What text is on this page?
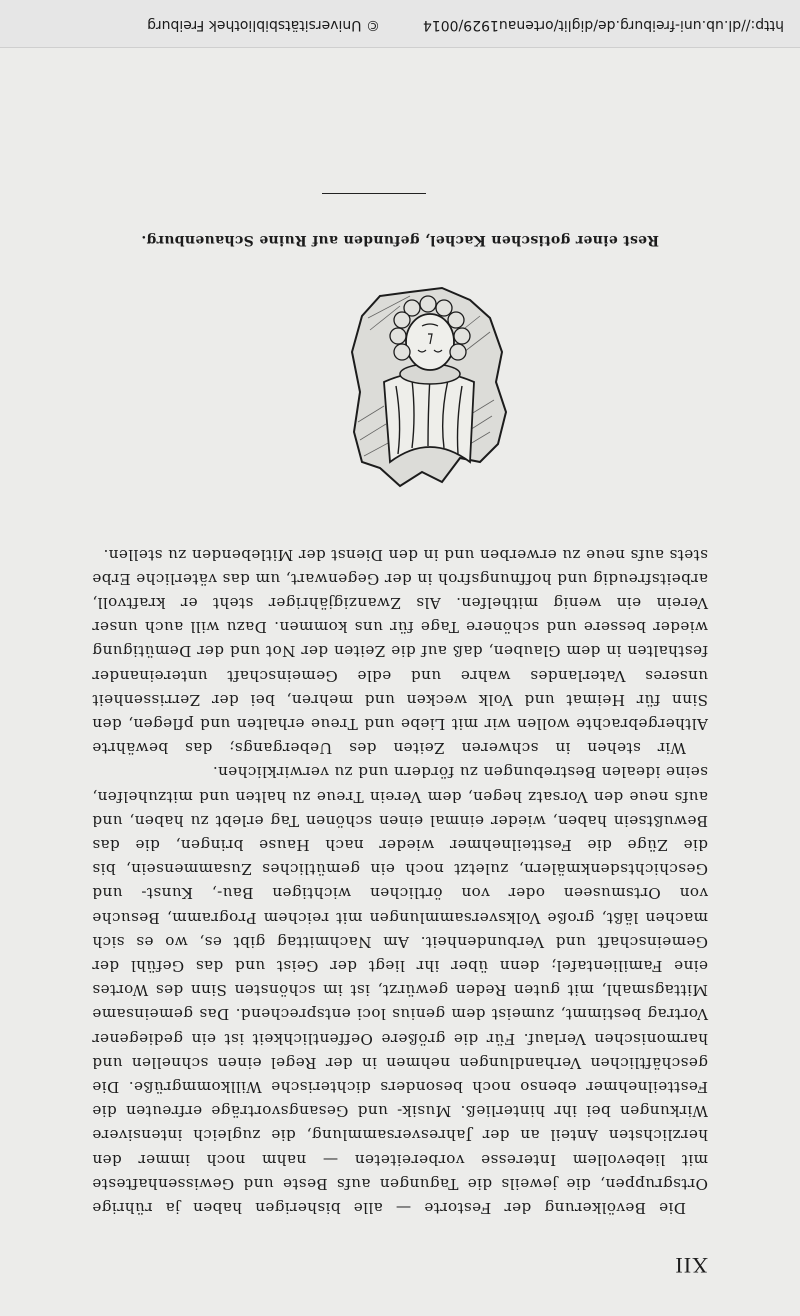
XII

Die Bevölkerung der Festorte — alle bisherigen haben ja rührige Ortsgruppen, die jeweils die Tagungen aufs Beste und Gewissenhafteste mit liebevollem Interesse vorbereiteten — nahm noch immer den herzlichsten Anteil an der Jahresversammlung, die zugleich intensivere Wirkungen bei ihr hinterließ. Musik- und Gesangsvorträge erfreuten die Festteilnehmer ebenso noch besonders dichterische Willkommgrüße. Die geschäftlichen Verhandlungen nehmen in der Regel einen schnellen und harmonischen Verlauf. Für die größere Oeffentlichkeit ist ein gediegener Vortrag bestimmt, zumeist dem genius loci entsprechend. Das gemeinsame Mittagsmahl, mit guten Reden gewürzt, ist im schönsten Sinn des Wortes eine Familientafel; denn über ihr liegt der Geist und das Gefühl der Gemeinschaft und Verbundenheit. Am Nachmittag gibt es, wo es sich machen läßt, große Volksversammlungen mit reichem Programm, Besuche von Ortsmuseen oder von örtlichen wichtigen Bau-, Kunst- und Geschichtsdenkmälern, zuletzt noch ein gemütliches Zusammensein, bis die Züge die Festteilnehmer wieder nach Hause bringen, die das Bewußtsein haben, wieder einmal einen schönen Tag erlebt zu haben, und aufs neue den Vorsatz hegen, dem Verein Treue zu halten und mitzuhelfen, seine idealen Bestrebungen zu fördern und zu verwirklichen.

Wir stehen in schweren Zeiten des Uebergangs; das bewährte Althergebrachte wollen wir mit Liebe und Treue erhalten und pflegen, den Sinn für Heimat und Volk wecken und mehren, bei der Zerrissenheit unseres Vaterlandes wahre und edle Gemeinschaft untereinander festhalten in dem Glauben, daß auf die Zeiten der Not und der Demütigung wieder bessere und schönere Tage für uns kommen. Dazu will auch unser Verein ein wenig mithelfen. Als Zwanzigjähriger steht er kraftvoll, arbeitsfreudig und hoffnungsfroh in der Gegenwart, um das väterliche Erbe stets aufs neue zu erwerben und in den Dienst der Mitlebenden zu stellen.

Rest einer gotischen Kachel, gefunden auf Ruine Schauenburg.

http://dl.ub.uni-freiburg.de/diglit/ortenau1929/0014

© Universitätsbibliothek Freiburg
